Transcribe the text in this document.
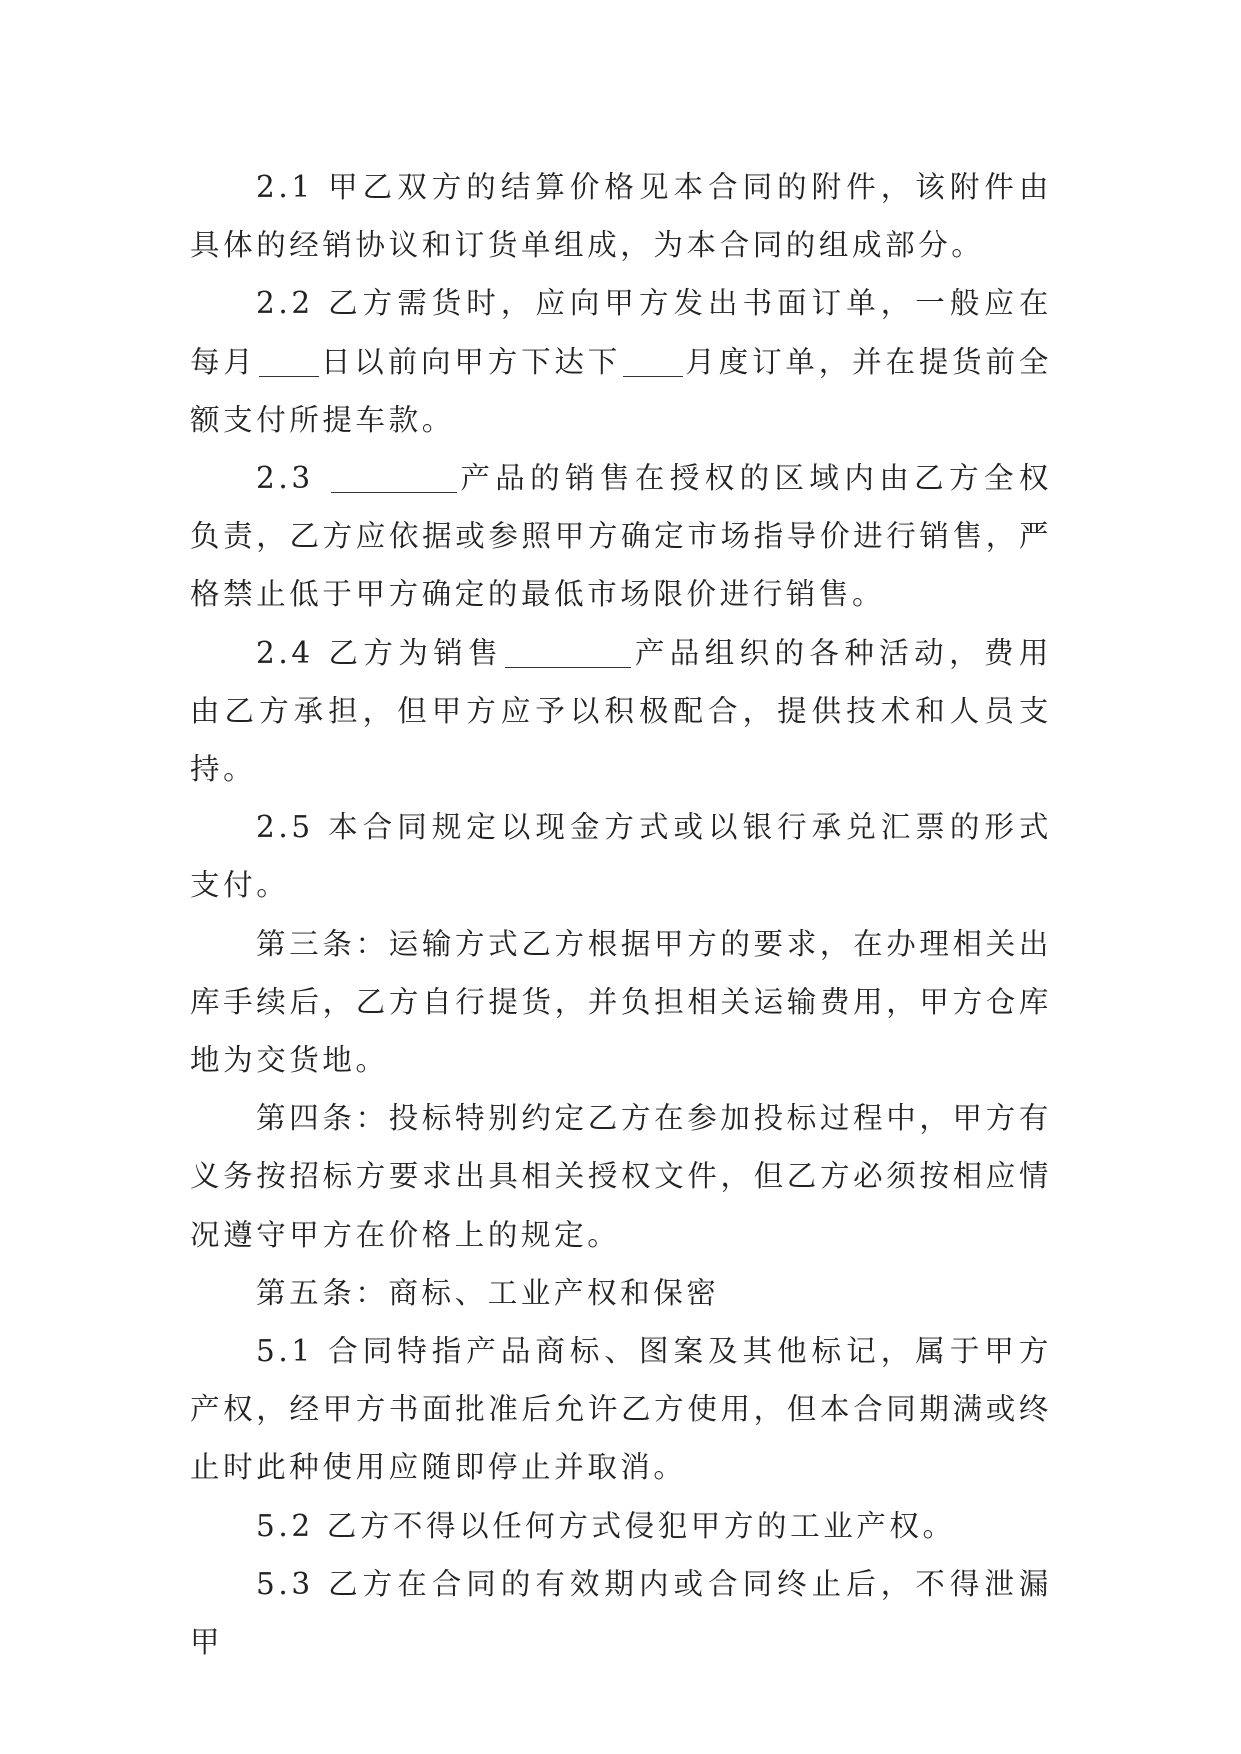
2.1 甲乙双方的结算价格见本合同的附件，该附件由具体的经销协议和订货单组成，为本合同的组成部分。

2.2 乙方需货时，应向甲方发出书面订单，一般应在每月 日以前向甲方下达下 月度订单，并在提货前全额支付所提车款。

2.3	产品的销售在授权的区域内由乙方全权负责，乙方应依据或参照甲方确定市场指导价进行销售，严格禁止低于甲方确定的最低市场限价进行销售。

2.4 乙方为销售	产品组织的各种活动，费用由乙方承担，但甲方应予以积极配合，提供技术和人员支持。

2.5 本合同规定以现金方式或以银行承兑汇票的形式支付。

第三条：运输方式乙方根据甲方的要求，在办理相关出库手续后，乙方自行提货，并负担相关运输费用，甲方仓库地为交货地。

第四条：投标特别约定乙方在参加投标过程中，甲方有义务按招标方要求出具相关授权文件，但乙方必须按相应情况遵守甲方在价格上的规定。

第五条：商标、工业产权和保密

5.1 合同特指产品商标、图案及其他标记，属于甲方产权，经甲方书面批准后允许乙方使用，但本合同期满或终止时此种使用应随即停止并取消。

5.2 乙方不得以任何方式侵犯甲方的工业产权。

5.3 乙方在合同的有效期内或合同终止后，不得泄漏甲
